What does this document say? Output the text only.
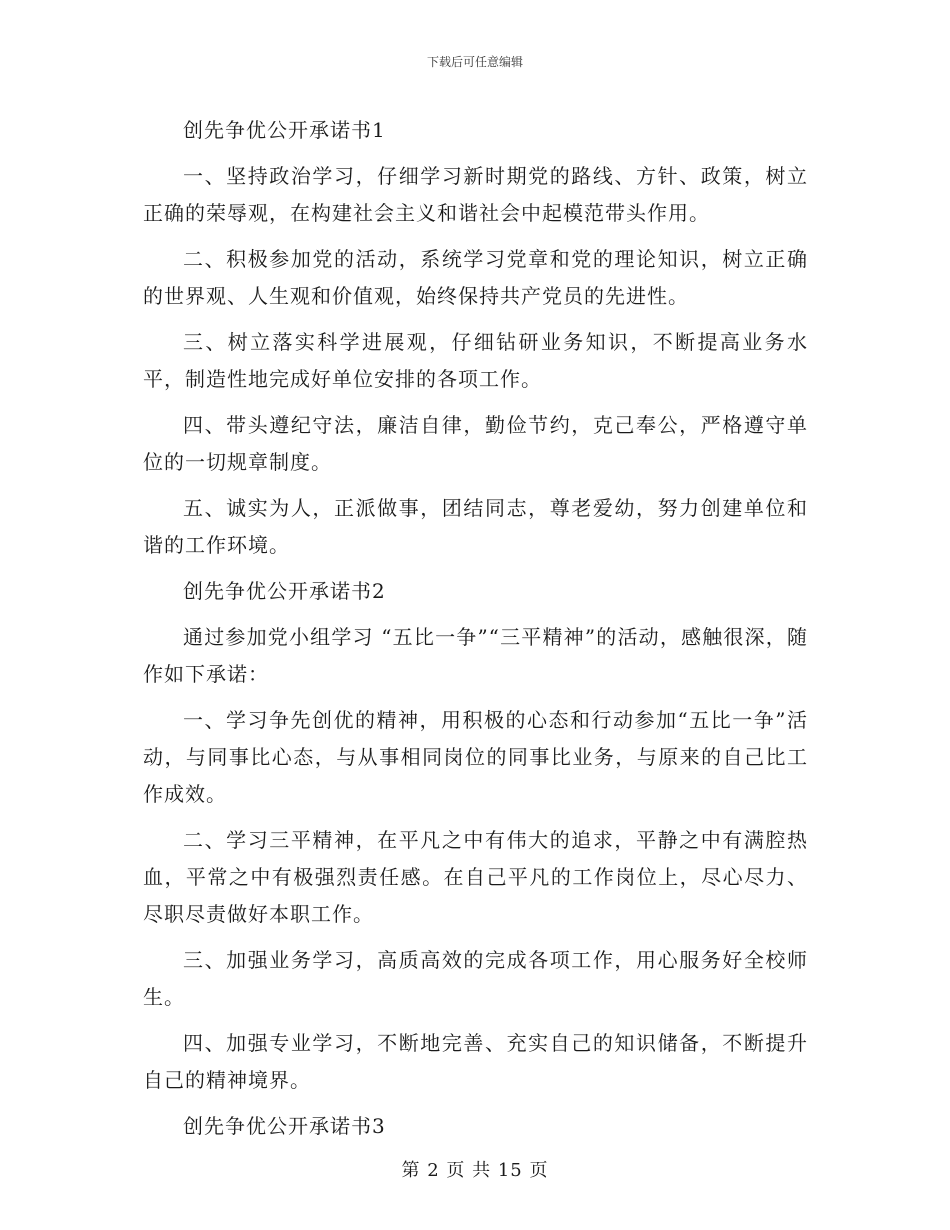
下载后可任意编辑

创先争优公开承诺书1

一、坚持政治学习，仔细学习新时期党的路线、方针、政策，树立正确的荣辱观，在构建社会主义和谐社会中起模范带头作用。

二、积极参加党的活动，系统学习党章和党的理论知识，树立正确的世界观、人生观和价值观，始终保持共产党员的先进性。

三、树立落实科学进展观，仔细钻研业务知识，不断提高业务水平，制造性地完成好单位安排的各项工作。

四、带头遵纪守法，廉洁自律，勤俭节约，克己奉公，严格遵守单位的一切规章制度。

五、诚实为人，正派做事，团结同志，尊老爱幼，努力创建单位和谐的工作环境。

创先争优公开承诺书2

通过参加党小组学习 “五比一争”“三平精神”的活动，感触很深，随作如下承诺：

一、学习争先创优的精神，用积极的心态和行动参加“五比一争”活动，与同事比心态，与从事相同岗位的同事比业务，与原来的自己比工作成效。

二、学习三平精神，在平凡之中有伟大的追求，平静之中有满腔热血，平常之中有极强烈责任感。在自己平凡的工作岗位上，尽心尽力、尽职尽责做好本职工作。

三、加强业务学习，高质高效的完成各项工作，用心服务好全校师生。

四、加强专业学习，不断地完善、充实自己的知识储备，不断提升自己的精神境界。

创先争优公开承诺书3

第 2 页 共 15 页
